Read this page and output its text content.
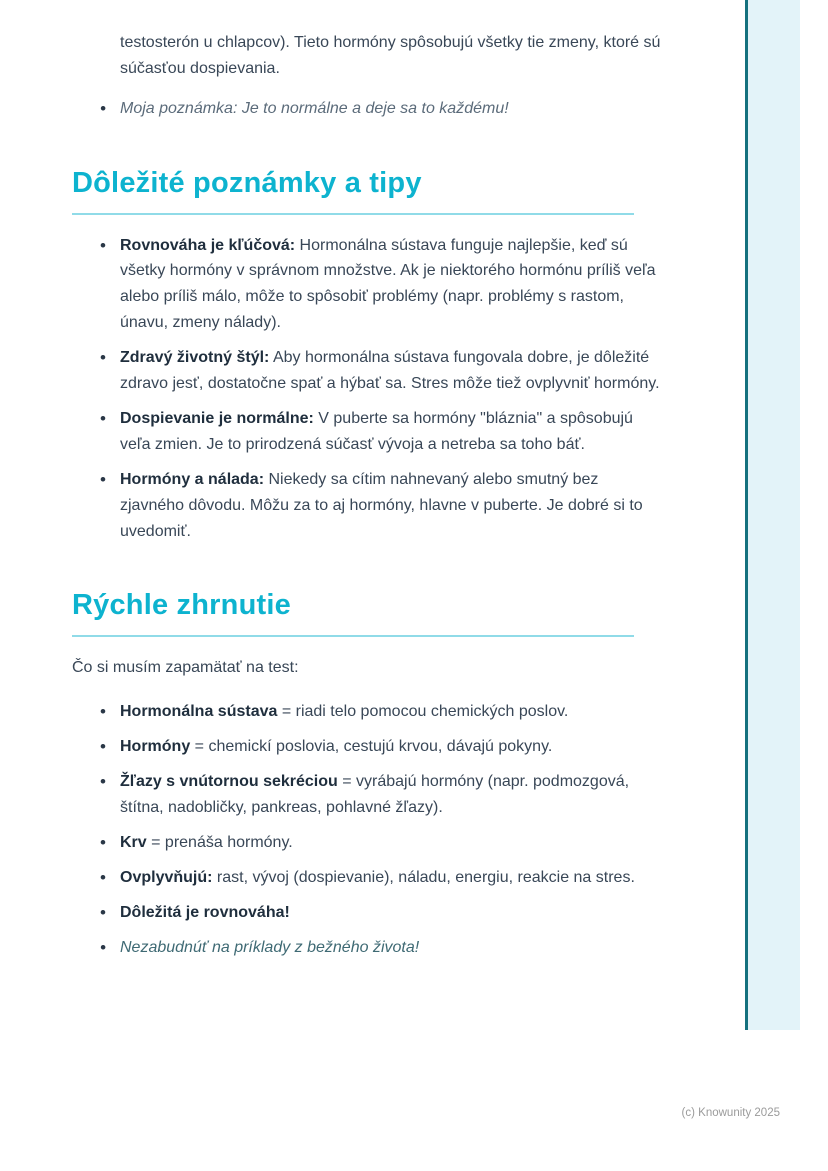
testosterón u chlapcov). Tieto hormóny spôsobujú všetky tie zmeny, ktoré sú súčasťou dospievania.

• Moja poznámka: Je to normálne a deje sa to každému!
Dôležité poznámky a tipy
• Rovnováha je kľúčová: Hormonálna sústava funguje najlepšie, keď sú všetky hormóny v správnom množstve. Ak je niektorého hormónu príliš veľa alebo príliš málo, môže to spôsobiť problémy (napr. problémy s rastom, únavu, zmeny nálady).
• Zdravý životný štýl: Aby hormonálna sústava fungovala dobre, je dôležité zdravo jesť, dostatočne spať a hýbať sa. Stres môže tiež ovplyvniť hormóny.
• Dospievanie je normálne: V puberte sa hormóny "bláznia" a spôsobujú veľa zmien. Je to prirodzená súčasť vývoja a netreba sa toho báť.
• Hormóny a nálada: Niekedy sa cítim nahnevaný alebo smutný bez zjavného dôvodu. Môžu za to aj hormóny, hlavne v puberte. Je dobré si to uvedomiť.
Rýchle zhrnutie

Čo si musím zapamätať na test:

• Hormonálna sústava = riadi telo pomocou chemických poslov.
• Hormóny = chemickí poslovia, cestujú krvou, dávajú pokyny.
• Žľazy s vnútornou sekréciou = vyrábajú hormóny (napr. podmozgová, štítna, nadobličky, pankreas, pohlavné žľazy).
• Krv = prenáša hormóny.
• Ovplyvňujú: rast, vývoj (dospievanie), náladu, energiu, reakcie na stres.
• Dôležitá je rovnováha!
• Nezabudnúť na príklady z bežného života!
(c) Knowunity 2025
